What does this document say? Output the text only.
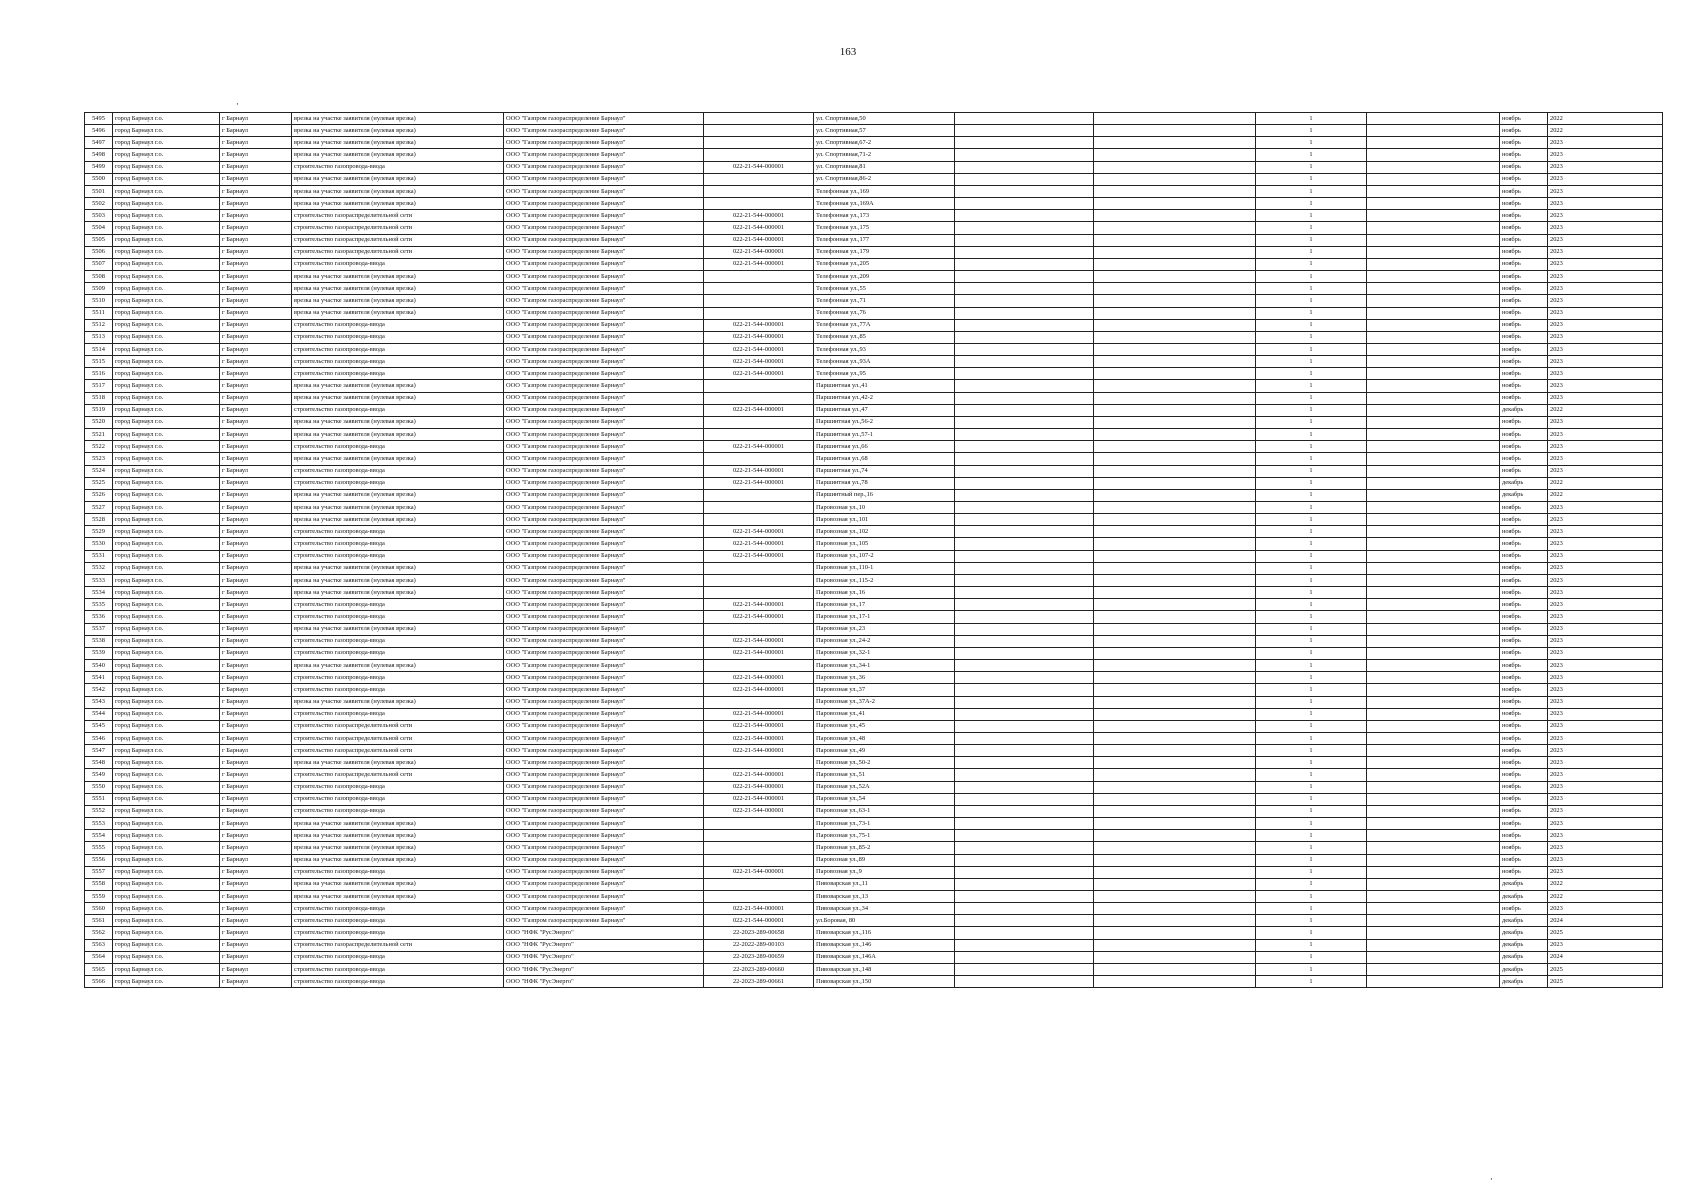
163
·
·
5495	город Барнаул г.о.	г Барнаул	врезка на участке заявителя (нулевая врезка)	ООО "Газпром газораспределение Барнаул"		ул. Спортивная,50			1		ноябрь	2022
5496	город Барнаул г.о.	г Барнаул	врезка на участке заявителя (нулевая врезка)	ООО "Газпром газораспределение Барнаул"		ул. Спортивная,57			1		ноябрь	2022
5497	город Барнаул г.о.	г Барнаул	врезка на участке заявителя (нулевая врезка)	ООО "Газпром газораспределение Барнаул"		ул. Спортивная,67-2			1		ноябрь	2023
5498	город Барнаул г.о.	г Барнаул	врезка на участке заявителя (нулевая врезка)	ООО "Газпром газораспределение Барнаул"		ул. Спортивная,71-2			1		ноябрь	2023
5499	город Барнаул г.о.	г Барнаул	строительство газопровода-ввода	ООО "Газпром газораспределение Барнаул"	022-21-544-000001	ул. Спортивная,81			1		ноябрь	2023
5500	город Барнаул г.о.	г Барнаул	врезка на участке заявителя (нулевая врезка)	ООО "Газпром газораспределение Барнаул"		ул. Спортивная,86-2			1		ноябрь	2023
5501	город Барнаул г.о.	г Барнаул	врезка на участке заявителя (нулевая врезка)	ООО "Газпром газораспределение Барнаул"		Телефонная ул.,169			1		ноябрь	2023
5502	город Барнаул г.о.	г Барнаул	врезка на участке заявителя (нулевая врезка)	ООО "Газпром газораспределение Барнаул"		Телефонная ул.,169А			1		ноябрь	2023
5503	город Барнаул г.о.	г Барнаул	строительство газораспределительной сети	ООО "Газпром газораспределение Барнаул"	022-21-544-000001	Телефонная ул.,173			1		ноябрь	2023
5504	город Барнаул г.о.	г Барнаул	строительство газораспределительной сети	ООО "Газпром газораспределение Барнаул"	022-21-544-000001	Телефонная ул.,175			1		ноябрь	2023
5505	город Барнаул г.о.	г Барнаул	строительство газораспределительной сети	ООО "Газпром газораспределение Барнаул"	022-21-544-000001	Телефонная ул.,177			1		ноябрь	2023
5506	город Барнаул г.о.	г Барнаул	строительство газораспределительной сети	ООО "Газпром газораспределение Барнаул"	022-21-544-000001	Телефонная ул.,179			1		ноябрь	2023
5507	город Барнаул г.о.	г Барнаул	строительство газопровода-ввода	ООО "Газпром газораспределение Барнаул"	022-21-544-000001	Телефонная ул.,205			1		ноябрь	2023
5508	город Барнаул г.о.	г Барнаул	врезка на участке заявителя (нулевая врезка)	ООО "Газпром газораспределение Барнаул"		Телефонная ул.,209			1		ноябрь	2023
5509	город Барнаул г.о.	г Барнаул	врезка на участке заявителя (нулевая врезка)	ООО "Газпром газораспределение Барнаул"		Телефонная ул.,55			1		ноябрь	2023
5510	город Барнаул г.о.	г Барнаул	врезка на участке заявителя (нулевая врезка)	ООО "Газпром газораспределение Барнаул"		Телефонная ул.,71			1		ноябрь	2023
5511	город Барнаул г.о.	г Барнаул	врезка на участке заявителя (нулевая врезка)	ООО "Газпром газораспределение Барнаул"		Телефонная ул.,76			1		ноябрь	2023
5512	город Барнаул г.о.	г Барнаул	строительство газопровода-ввода	ООО "Газпром газораспределение Барнаул"	022-21-544-000001	Телефонная ул.,77А			1		ноябрь	2023
5513	город Барнаул г.о.	г Барнаул	строительство газопровода-ввода	ООО "Газпром газораспределение Барнаул"	022-21-544-000001	Телефонная ул.,85			1		ноябрь	2023
5514	город Барнаул г.о.	г Барнаул	строительство газопровода-ввода	ООО "Газпром газораспределение Барнаул"	022-21-544-000001	Телефонная ул.,93			1		ноябрь	2023
5515	город Барнаул г.о.	г Барнаул	строительство газопровода-ввода	ООО "Газпром газораспределение Барнаул"	022-21-544-000001	Телефонная ул.,93А			1		ноябрь	2023
5516	город Барнаул г.о.	г Барнаул	строительство газопровода-ввода	ООО "Газпром газораспределение Барнаул"	022-21-544-000001	Телефонная ул.,95			1		ноябрь	2023
5517	город Барнаул г.о.	г Барнаул	врезка на участке заявителя (нулевая врезка)	ООО "Газпром газораспределение Барнаул"		Паршинтная ул.,41			1		ноябрь	2023
5518	город Барнаул г.о.	г Барнаул	врезка на участке заявителя (нулевая врезка)	ООО "Газпром газораспределение Барнаул"		Паршинтная ул.,42-2			1		ноябрь	2023
5519	город Барнаул г.о.	г Барнаул	строительство газопровода-ввода	ООО "Газпром газораспределение Барнаул"	022-21-544-000001	Паршинтная ул.,47			1		декабрь	2022
5520	город Барнаул г.о.	г Барнаул	врезка на участке заявителя (нулевая врезка)	ООО "Газпром газораспределение Барнаул"		Паршинтная ул.,56-2			1		ноябрь	2023
5521	город Барнаул г.о.	г Барнаул	врезка на участке заявителя (нулевая врезка)	ООО "Газпром газораспределение Барнаул"		Паршинтная ул.,57-1			1		ноябрь	2023
5522	город Барнаул г.о.	г Барнаул	строительство газопровода-ввода	ООО "Газпром газораспределение Барнаул"	022-21-544-000001	Паршинтная ул.,66			1		ноябрь	2023
5523	город Барнаул г.о.	г Барнаул	врезка на участке заявителя (нулевая врезка)	ООО "Газпром газораспределение Барнаул"		Паршинтная ул.,68			1		ноябрь	2023
5524	город Барнаул г.о.	г Барнаул	строительство газопровода-ввода	ООО "Газпром газораспределение Барнаул"	022-21-544-000001	Паршинтная ул.,74			1		ноябрь	2023
5525	город Барнаул г.о.	г Барнаул	строительство газопровода-ввода	ООО "Газпром газораспределение Барнаул"	022-21-544-000001	Паршинтная ул.,78			1		декабрь	2022
5526	город Барнаул г.о.	г Барнаул	врезка на участке заявителя (нулевая врезка)	ООО "Газпром газораспределение Барнаул"		Паршинтный пер.,16			1		декабрь	2022
5527	город Барнаул г.о.	г Барнаул	врезка на участке заявителя (нулевая врезка)	ООО "Газпром газораспределение Барнаул"		Паровозная ул.,10			1		ноябрь	2023
5528	город Барнаул г.о.	г Барнаул	врезка на участке заявителя (нулевая врезка)	ООО "Газпром газораспределение Барнаул"		Паровозная ул.,101			1		ноябрь	2023
5529	город Барнаул г.о.	г Барнаул	строительство газопровода-ввода	ООО "Газпром газораспределение Барнаул"	022-21-544-000001	Паровозная ул.,102			1		ноябрь	2023
5530	город Барнаул г.о.	г Барнаул	строительство газопровода-ввода	ООО "Газпром газораспределение Барнаул"	022-21-544-000001	Паровозная ул.,105			1		ноябрь	2023
5531	город Барнаул г.о.	г Барнаул	строительство газопровода-ввода	ООО "Газпром газораспределение Барнаул"	022-21-544-000001	Паровозная ул.,107-2			1		ноябрь	2023
5532	город Барнаул г.о.	г Барнаул	врезка на участке заявителя (нулевая врезка)	ООО "Газпром газораспределение Барнаул"		Паровозная ул.,110-1			1		ноябрь	2023
5533	город Барнаул г.о.	г Барнаул	врезка на участке заявителя (нулевая врезка)	ООО "Газпром газораспределение Барнаул"		Паровозная ул.,115-2			1		ноябрь	2023
5534	город Барнаул г.о.	г Барнаул	врезка на участке заявителя (нулевая врезка)	ООО "Газпром газораспределение Барнаул"		Паровозная ул.,16			1		ноябрь	2023
5535	город Барнаул г.о.	г Барнаул	строительство газопровода-ввода	ООО "Газпром газораспределение Барнаул"	022-21-544-000001	Паровозная ул.,17			1		ноябрь	2023
5536	город Барнаул г.о.	г Барнаул	строительство газопровода-ввода	ООО "Газпром газораспределение Барнаул"	022-21-544-000001	Паровозная ул.,17-1			1		ноябрь	2023
5537	город Барнаул г.о.	г Барнаул	врезка на участке заявителя (нулевая врезка)	ООО "Газпром газораспределение Барнаул"		Паровозная ул.,23			1		ноябрь	2023
5538	город Барнаул г.о.	г Барнаул	строительство газопровода-ввода	ООО "Газпром газораспределение Барнаул"	022-21-544-000001	Паровозная ул.,24-2			1		ноябрь	2023
5539	город Барнаул г.о.	г Барнаул	строительство газопровода-ввода	ООО "Газпром газораспределение Барнаул"	022-21-544-000001	Паровозная ул.,32-1			1		ноябрь	2023
5540	город Барнаул г.о.	г Барнаул	врезка на участке заявителя (нулевая врезка)	ООО "Газпром газораспределение Барнаул"		Паровозная ул.,34-1			1		ноябрь	2023
5541	город Барнаул г.о.	г Барнаул	строительство газопровода-ввода	ООО "Газпром газораспределение Барнаул"	022-21-544-000001	Паровозная ул.,36			1		ноябрь	2023
5542	город Барнаул г.о.	г Барнаул	строительство газопровода-ввода	ООО "Газпром газораспределение Барнаул"	022-21-544-000001	Паровозная ул.,37			1		ноябрь	2023
5543	город Барнаул г.о.	г Барнаул	врезка на участке заявителя (нулевая врезка)	ООО "Газпром газораспределение Барнаул"		Паровозная ул.,37А-2			1		ноябрь	2023
5544	город Барнаул г.о.	г Барнаул	строительство газопровода-ввода	ООО "Газпром газораспределение Барнаул"	022-21-544-000001	Паровозная ул.,41			1		ноябрь	2023
5545	город Барнаул г.о.	г Барнаул	строительство газораспределительной сети	ООО "Газпром газораспределение Барнаул"	022-21-544-000001	Паровозная ул.,45			1		ноябрь	2023
5546	город Барнаул г.о.	г Барнаул	строительство газораспределительной сети	ООО "Газпром газораспределение Барнаул"	022-21-544-000001	Паровозная ул.,48			1		ноябрь	2023
5547	город Барнаул г.о.	г Барнаул	строительство газораспределительной сети	ООО "Газпром газораспределение Барнаул"	022-21-544-000001	Паровозная ул.,49			1		ноябрь	2023
5548	город Барнаул г.о.	г Барнаул	врезка на участке заявителя (нулевая врезка)	ООО "Газпром газораспределение Барнаул"		Паровозная ул.,50-2			1		ноябрь	2023
5549	город Барнаул г.о.	г Барнаул	строительство газораспределительной сети	ООО "Газпром газораспределение Барнаул"	022-21-544-000001	Паровозная ул.,51			1		ноябрь	2023
5550	город Барнаул г.о.	г Барнаул	строительство газопровода-ввода	ООО "Газпром газораспределение Барнаул"	022-21-544-000001	Паровозная ул.,52А			1		ноябрь	2023
5551	город Барнаул г.о.	г Барнаул	строительство газопровода-ввода	ООО "Газпром газораспределение Барнаул"	022-21-544-000001	Паровозная ул.,54			1		ноябрь	2023
5552	город Барнаул г.о.	г Барнаул	строительство газопровода-ввода	ООО "Газпром газораспределение Барнаул"	022-21-544-000001	Паровозная ул.,63-1			1		ноябрь	2023
5553	город Барнаул г.о.	г Барнаул	врезка на участке заявителя (нулевая врезка)	ООО "Газпром газораспределение Барнаул"		Паровозная ул.,73-1			1		ноябрь	2023
5554	город Барнаул г.о.	г Барнаул	врезка на участке заявителя (нулевая врезка)	ООО "Газпром газораспределение Барнаул"		Паровозная ул.,75-1			1		ноябрь	2023
5555	город Барнаул г.о.	г Барнаул	врезка на участке заявителя (нулевая врезка)	ООО "Газпром газораспределение Барнаул"		Паровозная ул.,85-2			1		ноябрь	2023
5556	город Барнаул г.о.	г Барнаул	врезка на участке заявителя (нулевая врезка)	ООО "Газпром газораспределение Барнаул"		Паровозная ул.,89			1		ноябрь	2023
5557	город Барнаул г.о.	г Барнаул	строительство газопровода-ввода	ООО "Газпром газораспределение Барнаул"	022-21-544-000001	Паровозная ул.,9			1		ноябрь	2023
5558	город Барнаул г.о.	г Барнаул	врезка на участке заявителя (нулевая врезка)	ООО "Газпром газораспределение Барнаул"		Пивоварская ул.,11			1		декабрь	2022
5559	город Барнаул г.о.	г Барнаул	врезка на участке заявителя (нулевая врезка)	ООО "Газпром газораспределение Барнаул"		Пивоварская ул.,13			1		декабрь	2022
5560	город Барнаул г.о.	г Барнаул	строительство газопровода-ввода	ООО "Газпром газораспределение Барнаул"	022-21-544-000001	Пивоварская ул.,34			1		ноябрь	2023
5561	город Барнаул г.о.	г Барнаул	строительство газопровода-ввода	ООО "Газпром газораспределение Барнаул"	022-21-544-000001	ул.Боровая, 80			1		декабрь	2024
5562	город Барнаул г.о.	г Барнаул	строительство газопровода-ввода	ООО "НФК "РусЭнерго"	22-2023-289-00658	Пивоварская ул.,116			1		декабрь	2025
5563	город Барнаул г.о.	г Барнаул	строительство газораспределительной сети	ООО "НФК "РусЭнерго"	22-2022-289-00103	Пивоварская ул.,146			1		декабрь	2023
5564	город Барнаул г.о.	г Барнаул	строительство газопровода-ввода	ООО "НФК "РусЭнерго"	22-2023-289-00659	Пивоварская ул.,146А			1		декабрь	2024
5565	город Барнаул г.о.	г Барнаул	строительство газопровода-ввода	ООО "НФК "РусЭнерго"	22-2023-289-00660	Пивоварская ул.,148			1		декабрь	2025
5566	город Барнаул г.о.	г Барнаул	строительство газопровода-ввода	ООО "НФК "РусЭнерго"	22-2023-289-00661	Пивоварская ул.,150			1		декабрь	2025
